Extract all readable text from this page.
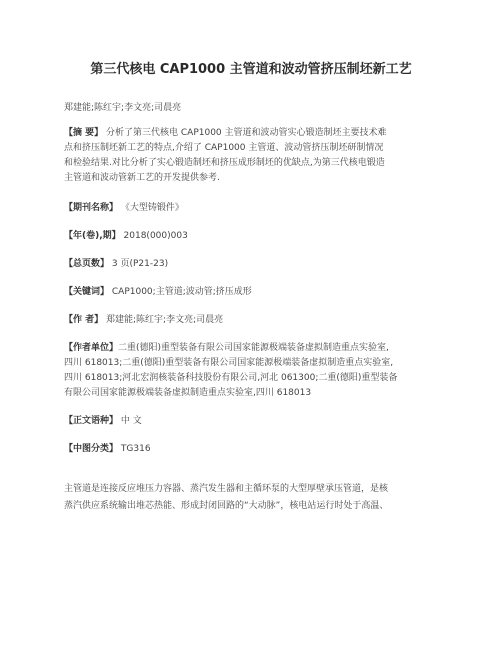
第三代核电 CAP1000 主管道和波动管挤压制坯新工艺
郑建能;陈红宇;李文亮;司晨亮
【摘 要】 分析了第三代核电 CAP1000 主管道和波动管实心锻造制坯主要技术难
点和挤压制坯新工艺的特点,介绍了 CAP1000 主管道、波动管挤压制坯研制情况
和检验结果.对比分析了实心锻造制坯和挤压成形制坯的优缺点,为第三代核电锻造
主管道和波动管新工艺的开发提供参考.
【期刊名称】 《大型铸锻件》
【年(卷),期】 2018(000)003
【总页数】 3 页(P21-23)
【关键词】 CAP1000;主管道;波动管;挤压成形
【作 者】 郑建能;陈红宇;李文亮;司晨亮
【作者单位】二重(德阳)重型装备有限公司国家能源极端装备虚拟制造重点实验室,
四川 618013;二重(德阳)重型装备有限公司国家能源极端装备虚拟制造重点实验室,
四川 618013;河北宏润核装备科技股份有限公司,河北 061300;二重(德阳)重型装备
有限公司国家能源极端装备虚拟制造重点实验室,四川 618013
【正文语种】 中 文
【中图分类】 TG316
主管道是连接反应堆压力容器、蒸汽发生器和主循环泵的大型厚壁承压管道，是核
蒸汽供应系统输出堆芯热能、形成封闭回路的“大动脉”，核电站运行时处于高温、
